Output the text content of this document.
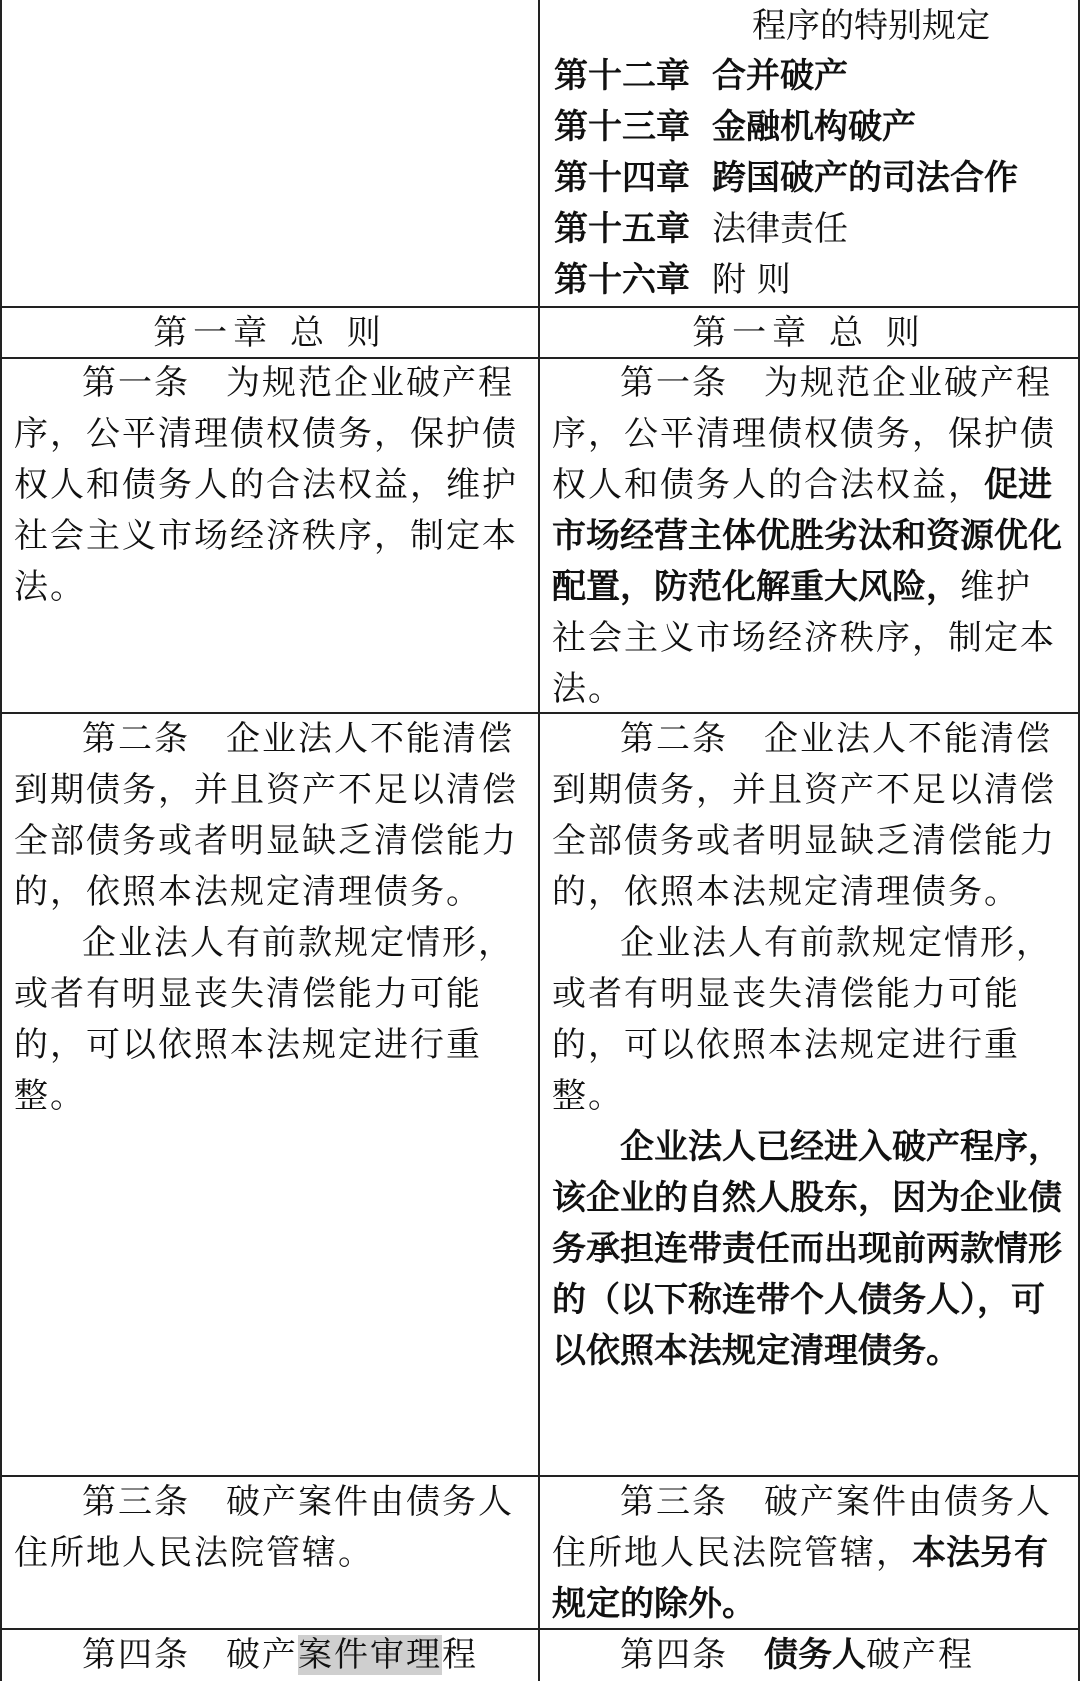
程序的特别规定
第十二章 合并破产
第十三章 金融机构破产
第十四章 跨国破产的司法合作
第十五章 法律责任
第十六章 附 则
第一章 总 则	第一章 总 则

第一条　为规范企业破产程序，公平清理债权债务，保护债权人和债务人的合法权益，维护社会主义市场经济秩序，制定本法。

第一条　为规范企业破产程序，公平清理债权债务，保护债权人和债务人的合法权益，促进市场经营主体优胜劣汰和资源优化配置，防范化解重大风险，维护社会主义市场经济秩序，制定本法。

第二条　企业法人不能清偿到期债务，并且资产不足以清偿全部债务或者明显缺乏清偿能力的，依照本法规定清理债务。

企业法人有前款规定情形，或者有明显丧失清偿能力可能的，可以依照本法规定进行重整。

第二条　企业法人不能清偿到期债务，并且资产不足以清偿全部债务或者明显缺乏清偿能力的，依照本法规定清理债务。

企业法人有前款规定情形，或者有明显丧失清偿能力可能的，可以依照本法规定进行重整。

企业法人已经进入破产程序，该企业的自然人股东，因为企业债务承担连带责任而出现前两款情形的（以下称连带个人债务人），可以依照本法规定清理债务。

第三条　破产案件由债务人住所地人民法院管辖。

第三条　破产案件由债务人住所地人民法院管辖，本法另有规定的除外。

第四条　破产案件审理程	第四条　债务人破产程
